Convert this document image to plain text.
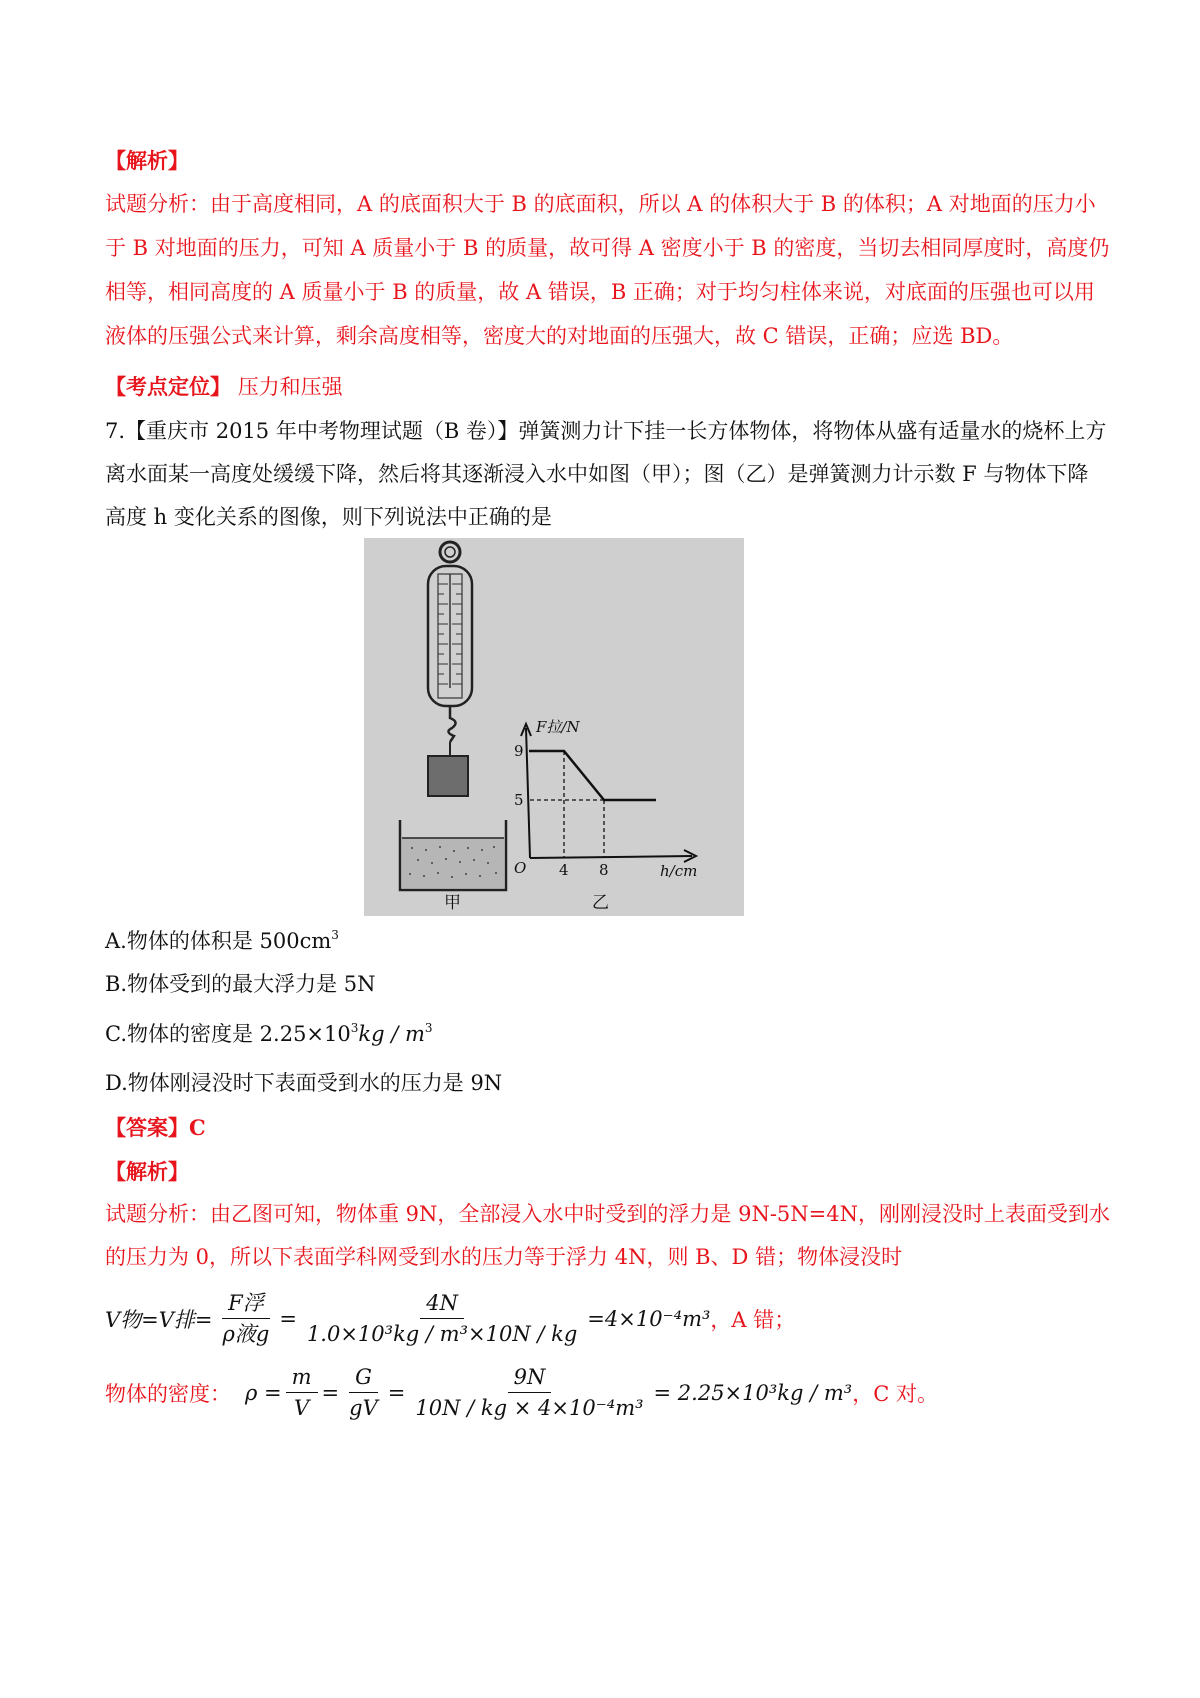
【解析】
试题分析：由于高度相同，A 的底面积大于 B 的底面积，所以 A 的体积大于 B 的体积；A 对地面的压力小
于 B 对地面的压力，可知 A 质量小于 B 的质量，故可得 A 密度小于 B 的密度，当切去相同厚度时，高度仍
相等，相同高度的 A 质量小于 B 的质量，故 A 错误，B 正确；对于均匀柱体来说，对底面的压强也可以用
液体的压强公式来计算，剩余高度相等，密度大的对地面的压强大，故 C 错误，正确；应选 BD。
【考点定位】 压力和压强
7.【重庆市 2015 年中考物理试题（B 卷）】弹簧测力计下挂一长方体物体，将物体从盛有适量水的烧杯上方
离水面某一高度处缓缓下降，然后将其逐渐浸入水中如图（甲）；图（乙）是弹簧测力计示数 F 与物体下降
高度 h 变化关系的图像，则下列说法中正确的是
F拉/N
9
5
O 4 8	h/cm
甲	乙
A.物体的体积是 $500cm^3$
B.物体受到的最大浮力是 5N
C.物体的密度是 $2.25\times 10^3kg / m^3$
D.物体刚浸没时下表面受到水的压力是 9N
【答案】C
【解析】
试题分析：由乙图可知，物体重 9N，全部浸入水中时受到的浮力是 9N-5N=4N，刚刚浸没时上表面受到水
的压力为 0，所以下表面学科网受到水的压力等于浮力 4N，则 B、D 错；物体浸没时
V物=V排= $\frac{\text{F浮}}{\text{ρ液g}} = \frac{4N}{\text{1.0×10³kg / m³×10N / kg}} =4\times 10^{-4}m^3$ ，A 错；
物体的密度： $\rho = \frac{m}{V} = \frac{G}{gV} = \frac{9N}{\text{10N / kg × 4×10⁻⁴m³}} = 2.25\times 10^3kg / m^3$ ，C 对。
